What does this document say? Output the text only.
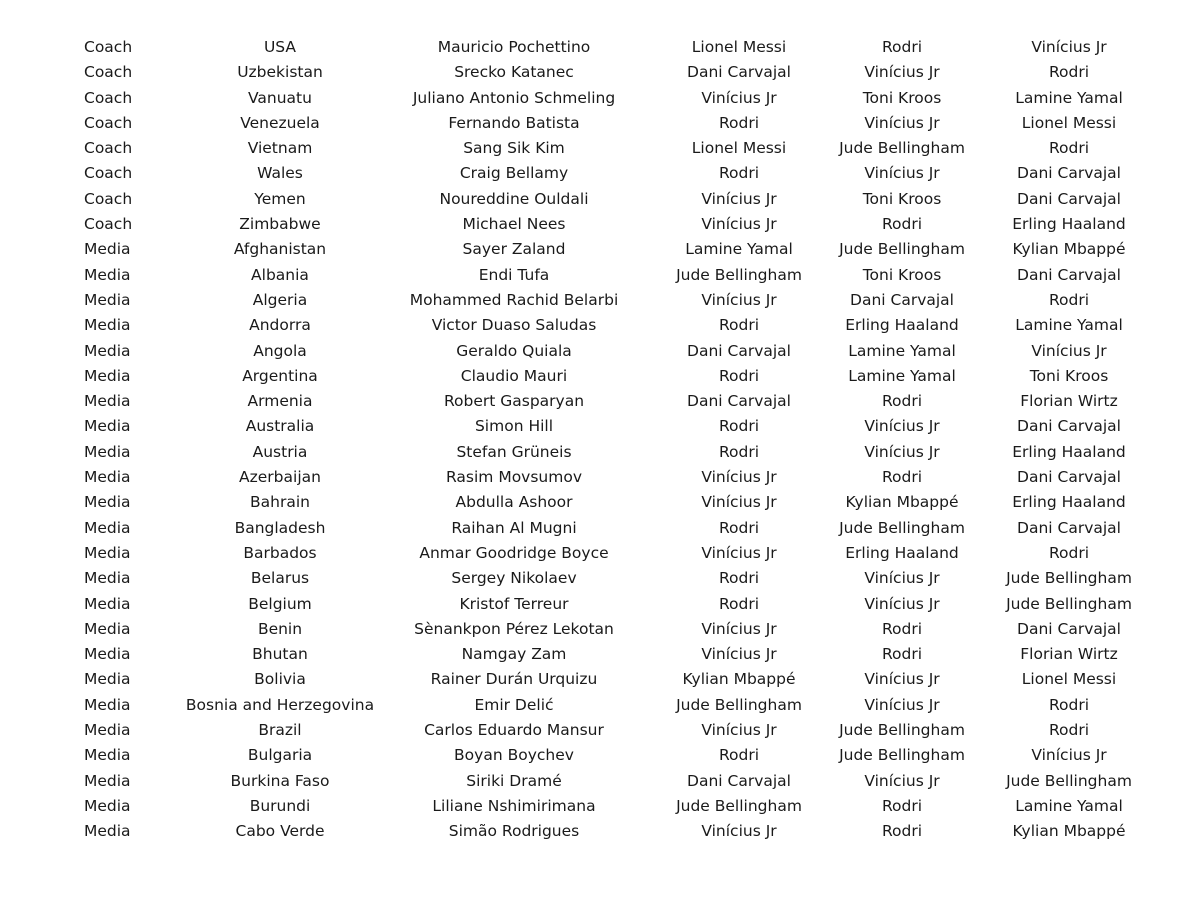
Coach	USA	Mauricio Pochettino	Lionel Messi	Rodri	Vinícius Jr
Coach	Uzbekistan	Srecko Katanec	Dani Carvajal	Vinícius Jr	Rodri
Coach	Vanuatu	Juliano Antonio Schmeling	Vinícius Jr	Toni Kroos	Lamine Yamal
Coach	Venezuela	Fernando Batista	Rodri	Vinícius Jr	Lionel Messi
Coach	Vietnam	Sang Sik Kim	Lionel Messi	Jude Bellingham	Rodri
Coach	Wales	Craig Bellamy	Rodri	Vinícius Jr	Dani Carvajal
Coach	Yemen	Noureddine Ouldali	Vinícius Jr	Toni Kroos	Dani Carvajal
Coach	Zimbabwe	Michael Nees	Vinícius Jr	Rodri	Erling Haaland
Media	Afghanistan	Sayer Zaland	Lamine Yamal	Jude Bellingham	Kylian Mbappé
Media	Albania	Endi Tufa	Jude Bellingham	Toni Kroos	Dani Carvajal
Media	Algeria	Mohammed Rachid Belarbi	Vinícius Jr	Dani Carvajal	Rodri
Media	Andorra	Victor Duaso Saludas	Rodri	Erling Haaland	Lamine Yamal
Media	Angola	Geraldo Quiala	Dani Carvajal	Lamine Yamal	Vinícius Jr
Media	Argentina	Claudio Mauri	Rodri	Lamine Yamal	Toni Kroos
Media	Armenia	Robert Gasparyan	Dani Carvajal	Rodri	Florian Wirtz
Media	Australia	Simon Hill	Rodri	Vinícius Jr	Dani Carvajal
Media	Austria	Stefan Grüneis	Rodri	Vinícius Jr	Erling Haaland
Media	Azerbaijan	Rasim Movsumov	Vinícius Jr	Rodri	Dani Carvajal
Media	Bahrain	Abdulla Ashoor	Vinícius Jr	Kylian Mbappé	Erling Haaland
Media	Bangladesh	Raihan Al Mugni	Rodri	Jude Bellingham	Dani Carvajal
Media	Barbados	Anmar Goodridge Boyce	Vinícius Jr	Erling Haaland	Rodri
Media	Belarus	Sergey Nikolaev	Rodri	Vinícius Jr	Jude Bellingham
Media	Belgium	Kristof Terreur	Rodri	Vinícius Jr	Jude Bellingham
Media	Benin	Sènankpon Pérez Lekotan	Vinícius Jr	Rodri	Dani Carvajal
Media	Bhutan	Namgay Zam	Vinícius Jr	Rodri	Florian Wirtz
Media	Bolivia	Rainer Durán Urquizu	Kylian Mbappé	Vinícius Jr	Lionel Messi
Media	Bosnia and Herzegovina	Emir Delić	Jude Bellingham	Vinícius Jr	Rodri
Media	Brazil	Carlos Eduardo Mansur	Vinícius Jr	Jude Bellingham	Rodri
Media	Bulgaria	Boyan Boychev	Rodri	Jude Bellingham	Vinícius Jr
Media	Burkina Faso	Siriki Dramé	Dani Carvajal	Vinícius Jr	Jude Bellingham
Media	Burundi	Liliane Nshimirimana	Jude Bellingham	Rodri	Lamine Yamal
Media	Cabo Verde	Simão Rodrigues	Vinícius Jr	Rodri	Kylian Mbappé
